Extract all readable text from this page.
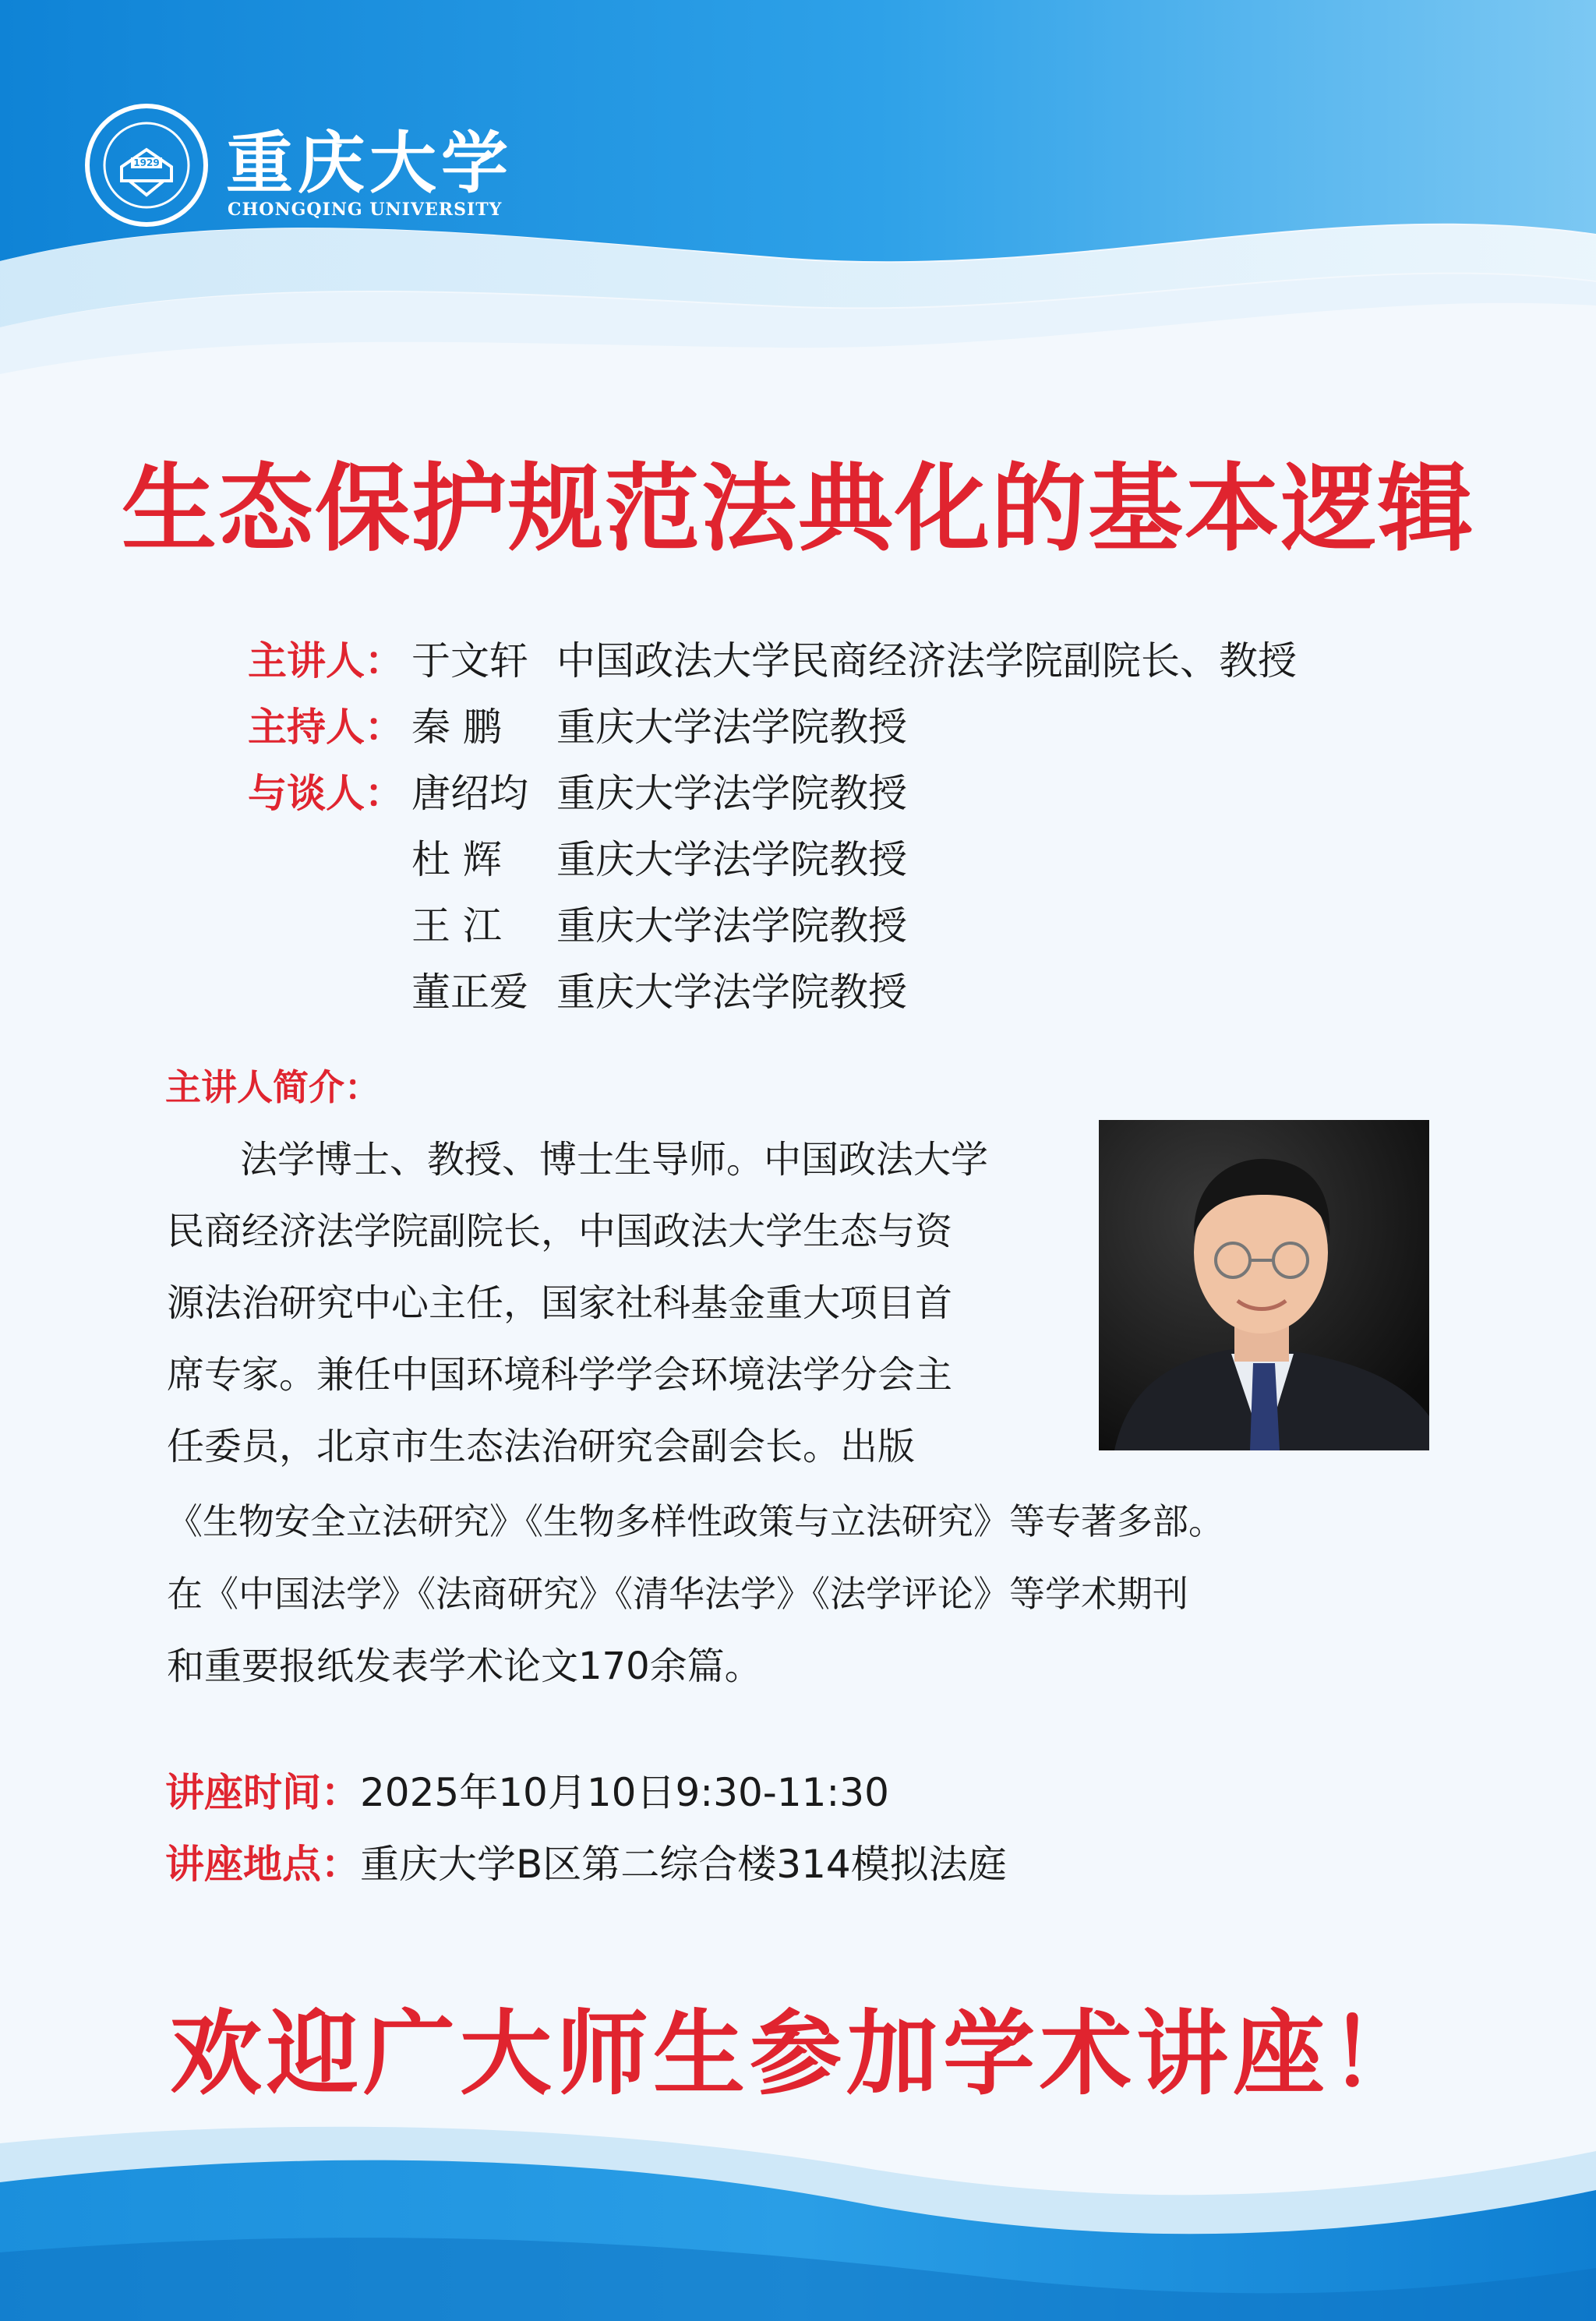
1929 重庆大学
CHONGQING UNIVERSITY
生态保护规范法典化的基本逻辑
主讲人： 于文轩 中国政法大学民商经济法学院副院长、教授
主持人： 秦 鹏 重庆大学法学院教授
与谈人： 唐绍均 重庆大学法学院教授
杜 辉 重庆大学法学院教授
王 江 重庆大学法学院教授
董正爱 重庆大学法学院教授
主讲人简介：
法学博士、教授、博士生导师。中国政法大学
民商经济法学院副院长，中国政法大学生态与资
源法治研究中心主任，国家社科基金重大项目首
席专家。兼任中国环境科学学会环境法学分会主
任委员，北京市生态法治研究会副会长。出版
《生物安全立法研究》《生物多样性政策与立法研究》等专著多部。
在《中国法学》《法商研究》《清华法学》《法学评论》等学术期刊
和重要报纸发表学术论文170余篇。
讲座时间：2025年10月10日9:30-11:30
讲座地点：重庆大学B区第二综合楼314模拟法庭
欢迎广大师生参加学术讲座！
